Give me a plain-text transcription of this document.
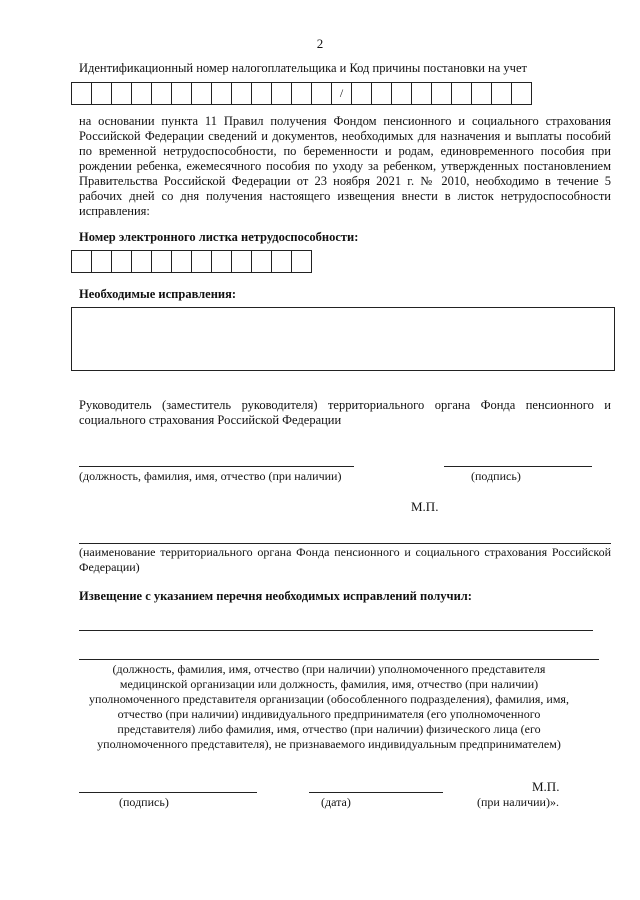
2
Идентификационный номер налогоплательщика и Код причины постановки на учет
/
на основании пункта 11 Правил получения Фондом пенсионного и социального страхования Российской Федерации сведений и документов, необходимых для назначения и выплаты пособий по временной нетрудоспособности, по беременности и родам, единовременного пособия при рождении ребенка, ежемесячного пособия по уходу за ребенком, утвержденных постановлением Правительства Российской Федерации от 23 ноября 2021 г. № 2010, необходимо в течение 5 рабочих дней со дня получения настоящего извещения внести в листок нетрудоспособности исправления:
Номер электронного листка нетрудоспособности:
Необходимые исправления:
Руководитель (заместитель руководителя) территориального органа Фонда пенсионного и социального страхования Российской Федерации
(должность, фамилия, имя, отчество (при наличии)	(подпись)
М.П.
(наименование территориального органа Фонда пенсионного и социального страхования Российской Федерации)
Извещение с указанием перечня необходимых исправлений получил:
(должность, фамилия, имя, отчество (при наличии) уполномоченного представителя медицинской организации или должность, фамилия, имя, отчество (при наличии) уполномоченного представителя организации (обособленного подразделения), фамилия, имя, отчество (при наличии) индивидуального предпринимателя (его уполномоченного представителя) либо фамилия, имя, отчество (при наличии) физического лица (его уполномоченного представителя), не признаваемого индивидуальным предпринимателем)
М.П.
(подпись)	(дата)	(при наличии)».
